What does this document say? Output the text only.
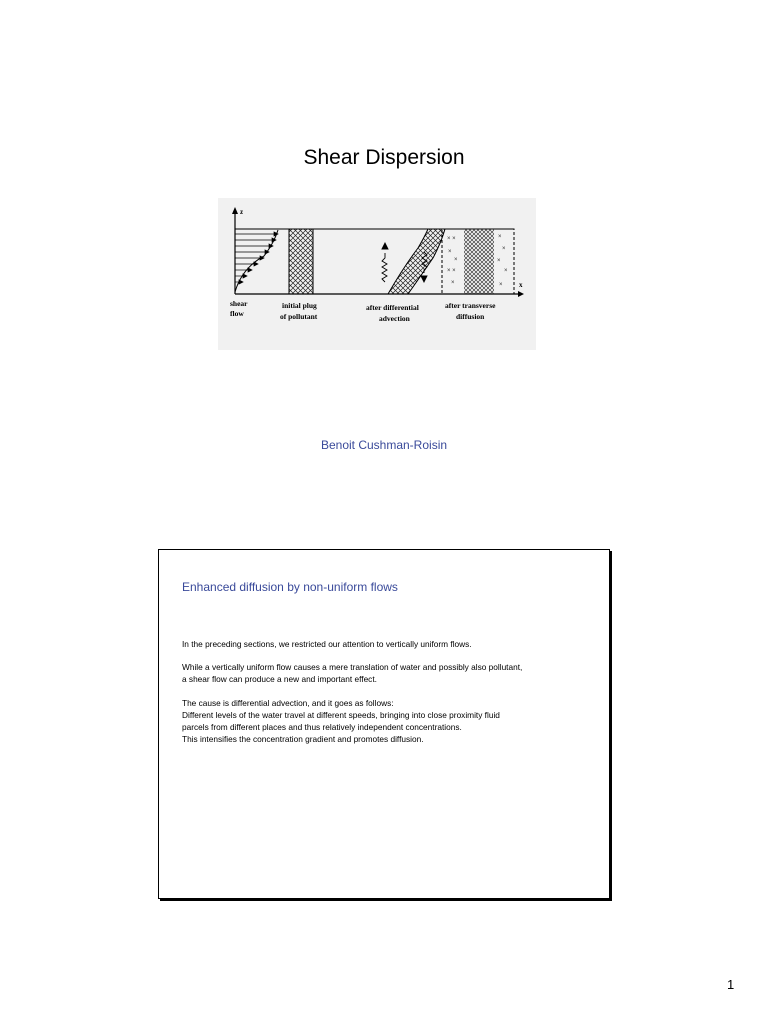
Shear Dispersion
z
x
× ×
×
×
× ×
×
×
×
×
×
×
shear
flow
initial plug
of pollutant
after differential
advection
after transverse
diffusion
Benoit Cushman-Roisin
Enhanced diffusion by non-uniform flows

In the preceding sections, we restricted our attention to vertically uniform flows.

While a vertically uniform flow causes a mere translation of water and possibly also pollutant,
a shear flow can produce a new and important effect.

The cause is differential advection, and it goes as follows:
Different levels of the water travel at different speeds, bringing into close proximity fluid
parcels from different places and thus relatively independent concentrations.
This intensifies the concentration gradient and promotes diffusion.

1
